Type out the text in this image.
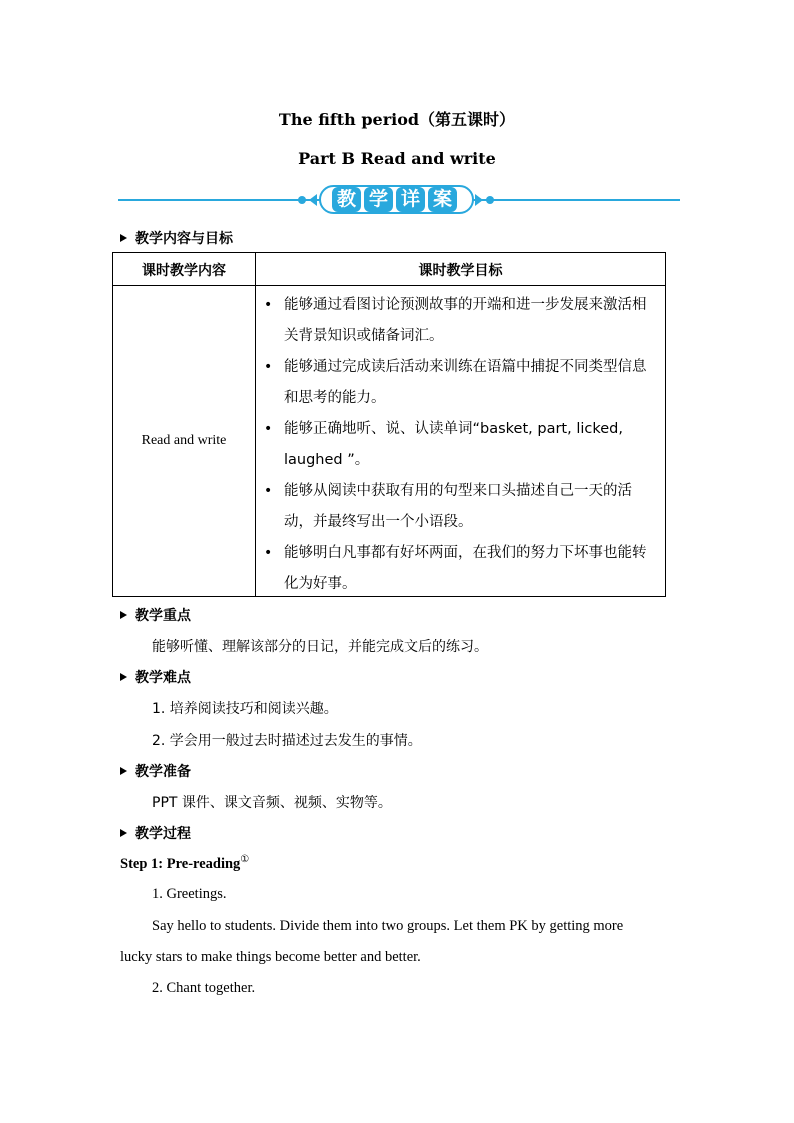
The fifth period（第五课时）
Part B Read and write
教 学 详 案
教学内容与目标
课时教学内容	课时教学目标
Read and write
• 能够通过看图讨论预测故事的开端和进一步发展来激活相关背景知识或储备词汇。
• 能够通过完成读后活动来训练在语篇中捕捉不同类型信息和思考的能力。
• 能够正确地听、说、认读单词“basket, part, licked, laughed ”。
• 能够从阅读中获取有用的句型来口头描述自己一天的活动，并最终写出一个小语段。
• 能够明白凡事都有好坏两面，在我们的努力下坏事也能转化为好事。
教学重点
能够听懂、理解该部分的日记，并能完成文后的练习。
教学难点
1. 培养阅读技巧和阅读兴趣。
2. 学会用一般过去时描述过去发生的事情。
教学准备
PPT 课件、课文音频、视频、实物等。
教学过程
Step 1: Pre-reading①
1. Greetings.
Say hello to students. Divide them into two groups. Let them PK by getting more
lucky stars to make things become better and better.
2. Chant together.
